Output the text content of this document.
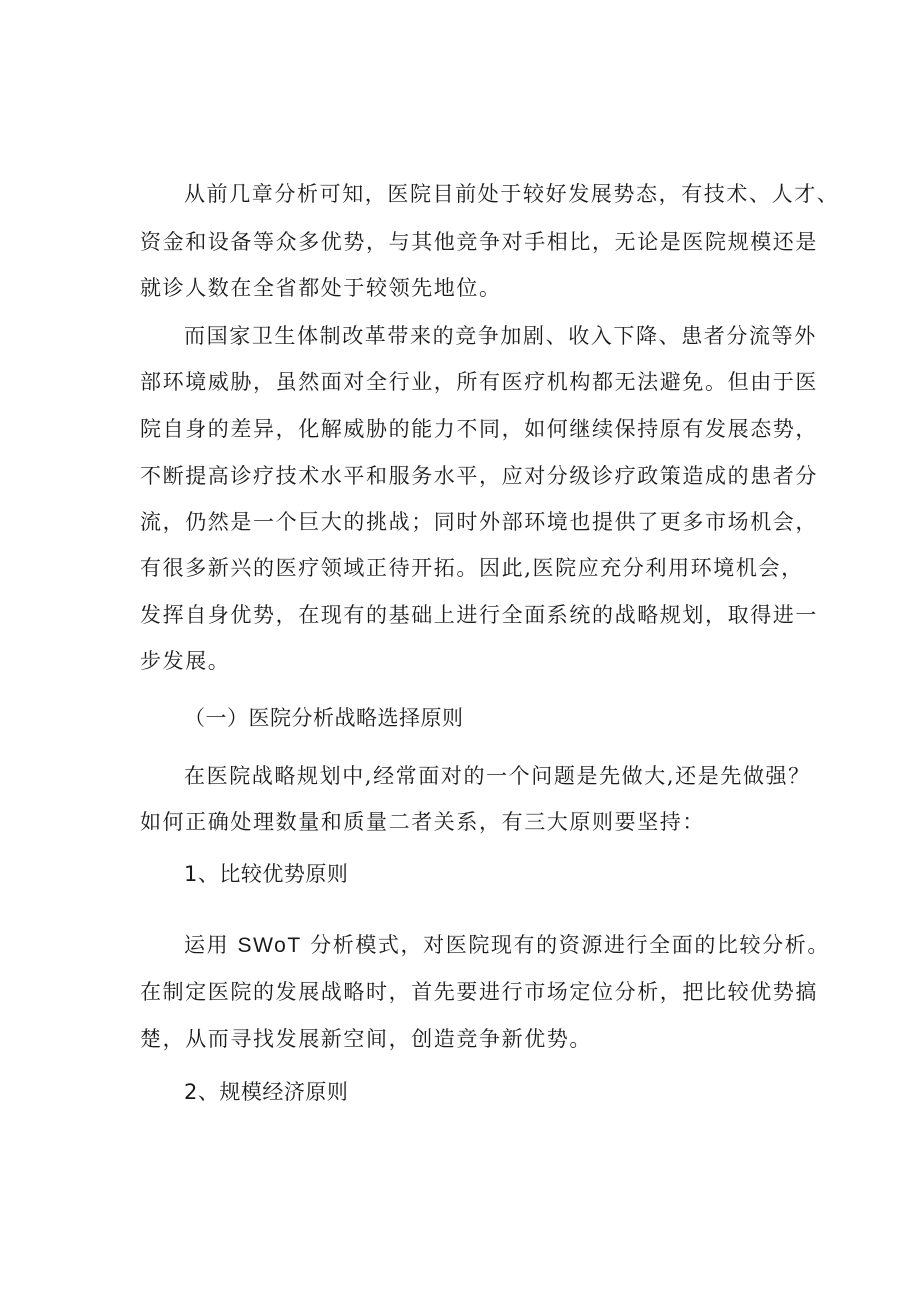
从前几章分析可知，医院目前处于较好发展势态，有技术、人才、
资金和设备等众多优势，与其他竞争对手相比，无论是医院规模还是
就诊人数在全省都处于较领先地位。
而国家卫生体制改革带来的竞争加剧、收入下降、患者分流等外
部环境威胁，虽然面对全行业，所有医疗机构都无法避免。但由于医
院自身的差异，化解威胁的能力不同，如何继续保持原有发展态势，
不断提高诊疗技术水平和服务水平，应对分级诊疗政策造成的患者分
流，仍然是一个巨大的挑战；同时外部环境也提供了更多市场机会，
有很多新兴的医疗领域正待开拓。因此,医院应充分利用环境机会，
发挥自身优势，在现有的基础上进行全面系统的战略规划，取得进一
步发展。
（一）医院分析战略选择原则
在医院战略规划中,经常面对的一个问题是先做大,还是先做强？
如何正确处理数量和质量二者关系，有三大原则要坚持：
1、比较优势原则
运用 SWoT 分析模式，对医院现有的资源进行全面的比较分析。
在制定医院的发展战略时，首先要进行市场定位分析，把比较优势搞
楚，从而寻找发展新空间，创造竞争新优势。
2、规模经济原则
